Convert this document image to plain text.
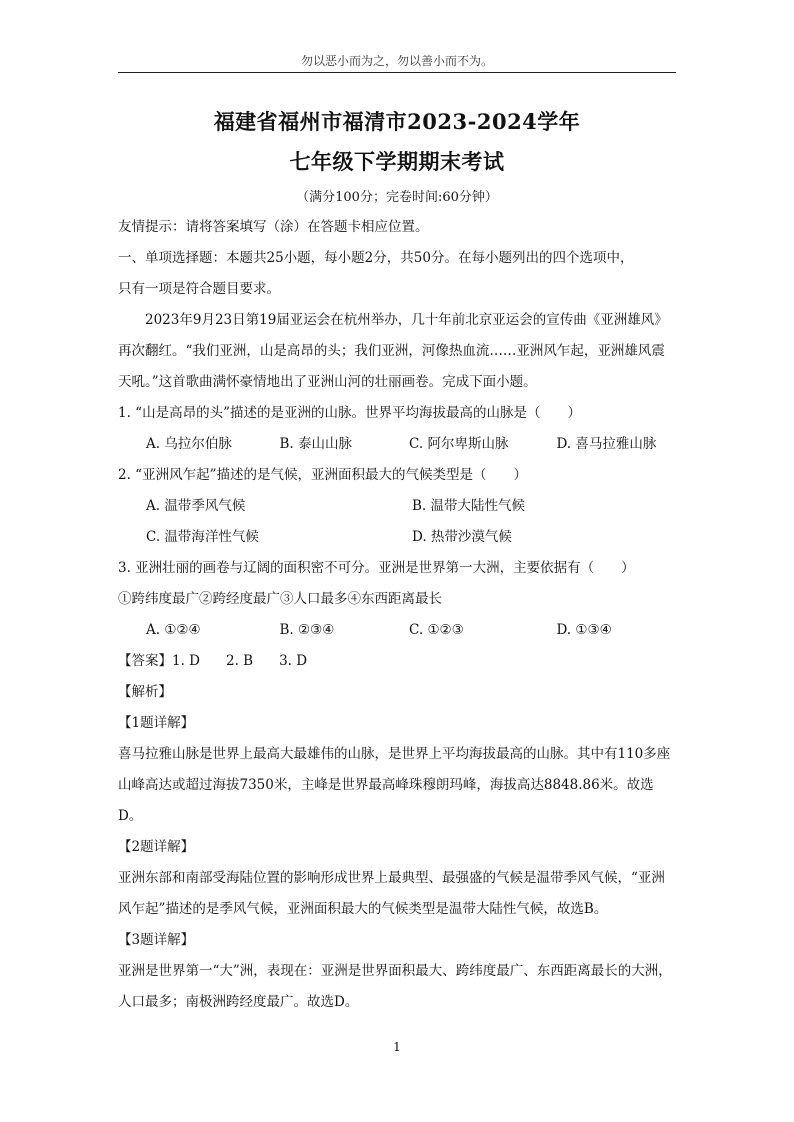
勿以恶小而为之，勿以善小而不为。
福建省福州市福清市2023-2024学年
七年级下学期期末考试
（满分100分；完卷时间:60分钟）

友情提示：请将答案填写（涂）在答题卡相应位置。

一、单项选择题：本题共25小题，每小题2分，共50分。在每小题列出的四个选项中，

只有一项是符合题目要求。

2023年9月23日第19届亚运会在杭州举办，几十年前北京亚运会的宣传曲《亚洲雄风》再次翻红。“我们亚洲，山是高昂的头；我们亚洲，河像热血流……亚洲风乍起，亚洲雄风震天吼。”这首歌曲满怀豪情地出了亚洲山河的壮丽画卷。完成下面小题。

1. “山是高昂的头”描述的是亚洲的山脉。世界平均海拔最高的山脉是（　　）

A. 乌拉尔伯脉	B. 泰山山脉	C. 阿尔卑斯山脉	D. 喜马拉雅山脉

2. “亚洲风乍起”描述的是气候，亚洲面积最大的气候类型是（　　）

A. 温带季风气候	B. 温带大陆性气候
C. 温带海洋性气候	D. 热带沙漠气候

3. 亚洲壮丽的画卷与辽阔的面积密不可分。亚洲是世界第一大洲，主要依据有（　　）

①跨纬度最广②跨经度最广③人口最多④东西距离最长

A. ①②④	B. ②③④	C. ①②③	D. ①③④

【答案】1. D 2. B 3. D

【解析】

【1题详解】

喜马拉雅山脉是世界上最高大最雄伟的山脉，是世界上平均海拔最高的山脉。其中有110多座山峰高达或超过海拔7350米，主峰是世界最高峰珠穆朗玛峰，海拔高达8848.86米。故选D。

【2题详解】

亚洲东部和南部受海陆位置的影响形成世界上最典型、最强盛的气候是温带季风气候，“亚洲风乍起”描述的是季风气候，亚洲面积最大的气候类型是温带大陆性气候，故选B。

【3题详解】

亚洲是世界第一“大”洲，表现在：亚洲是世界面积最大、跨纬度最广、东西距离最长的大洲，人口最多；南极洲跨经度最广。故选D。

1
